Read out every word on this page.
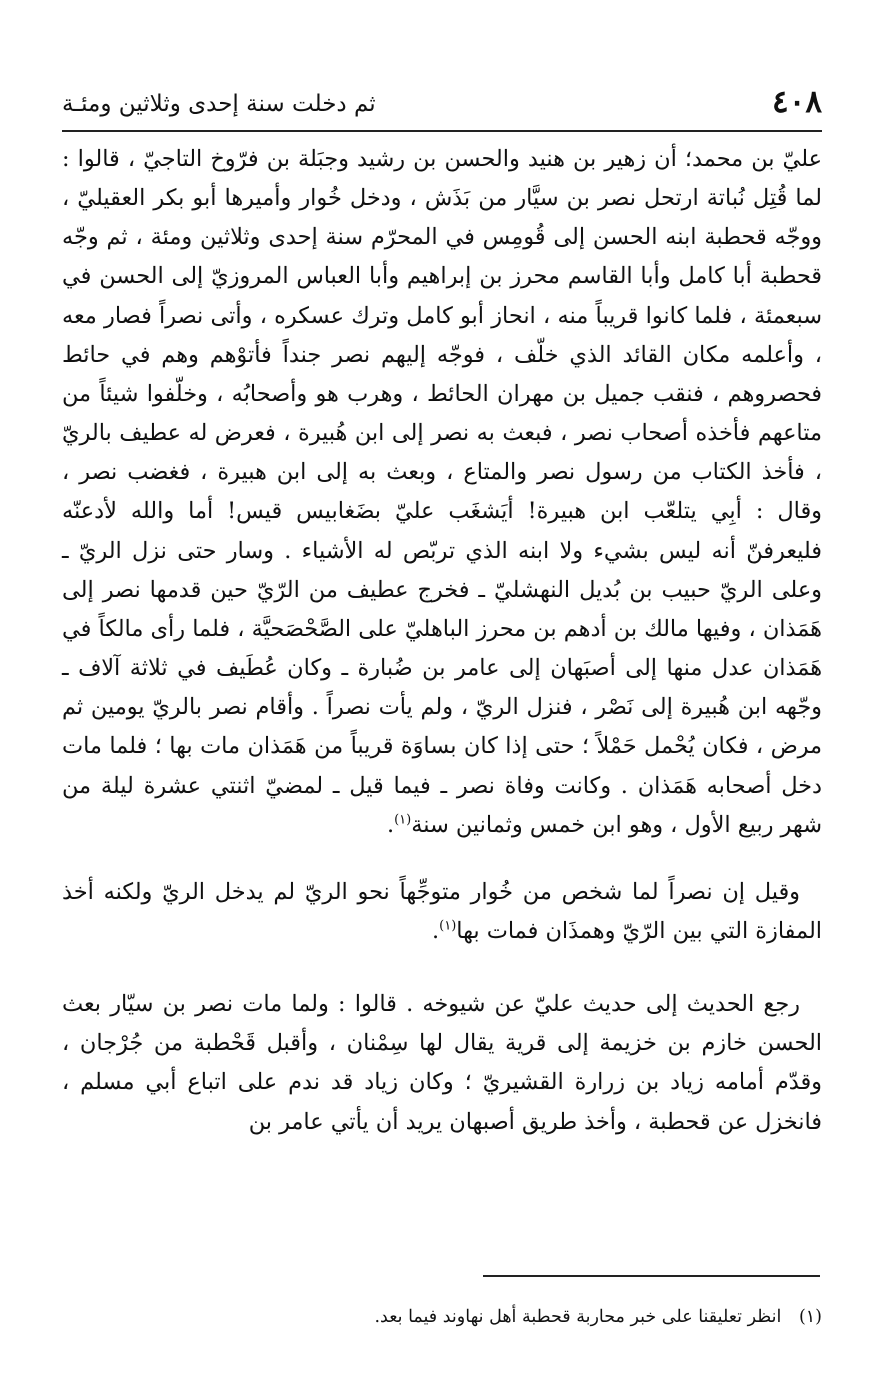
٤٠٨
ثم دخلت سنة إحدى وثلاثين ومئـة

عليّ بن محمد؛ أن زهير بن هنيد والحسن بن رشيد وجبَلة بن فرّوخ التاجيّ ، قالوا : لما قُتِل نُباتة ارتحل نصر بن سيَّار من بَذَش ، ودخل خُوار وأميرها أبو بكر العقيليّ ، ووجّه قحطبة ابنه الحسن إلى قُومِس في المحرّم سنة إحدى وثلاثين ومئة ، ثم وجّه قحطبة أبا كامل وأبا القاسم محرز بن إبراهيم وأبا العباس المروزيّ إلى الحسن في سبعمئة ، فلما كانوا قريباً منه ، انحاز أبو كامل وترك عسكره ، وأتى نصراً فصار معه ، وأعلمه مكان القائد الذي خلّف ، فوجّه إليهم نصر جنداً فأتوْهم وهم في حائط فحصروهم ، فنقب جميل بن مهران الحائط ، وهرب هو وأصحابُه ، وخلّفوا شيئاً من متاعهم فأخذه أصحاب نصر ، فبعث به نصر إلى ابن هُبيرة ، فعرض له عطيف بالريّ ، فأخذ الكتاب من رسول نصر والمتاع ، وبعث به إلى ابن هبيرة ، فغضب نصر ، وقال : أبِي يتلعّب ابن هبيرة! أيَشغَب عليّ بضَغابيس قيس! أما والله لأدعنّه فليعرفنّ أنه ليس بشيء ولا ابنه الذي تربّص له الأشياء . وسار حتى نزل الريّ ـ وعلى الريّ حبيب بن بُديل النهشليّ ـ فخرج عطيف من الرّيّ حين قدمها نصر إلى هَمَذان ، وفيها مالك بن أدهم بن محرز الباهليّ على الصَّحْصَحيَّة ، فلما رأى مالكاً في هَمَذان عدل منها إلى أصبَهان إلى عامر بن ضُبارة ـ وكان عُطَيف في ثلاثة آلاف ـ وجّهه ابن هُبيرة إلى نَصْر ، فنزل الريّ ، ولم يأت نصراً . وأقام نصر بالريّ يومين ثم مرض ، فكان يُحْمل حَمْلاً ؛ حتى إذا كان بساوَة قريباً من هَمَذان مات بها ؛ فلما مات دخل أصحابه هَمَذان . وكانت وفاة نصر ـ فيما قيل ـ لمضيّ اثنتي عشرة ليلة من شهر ربيع الأول ، وهو ابن خمس وثمانين سنة$^{(١)}$.

وقيل إن نصراً لما شخص من خُوار متوجِّهاً نحو الريّ لم يدخل الريّ ولكنه أخذ المفازة التي بين الرّيّ وهمذَان فمات بها$^{(١)}$.

رجع الحديث إلى حديث عليّ عن شيوخه . قالوا : ولما مات نصر بن سيّار بعث الحسن خازم بن خزيمة إلى قرية يقال لها سِمْنان ، وأقبل قَحْطبة من جُرْجان ، وقدّم أمامه زياد بن زرارة القشيريّ ؛ وكان زياد قد ندم على اتباع أبي مسلم ، فانخزل عن قحطبة ، وأخذ طريق أصبهان يريد أن يأتي عامر بن

(١) انظر تعليقنا على خبر محاربة قحطبة أهل نهاوند فيما بعد.
